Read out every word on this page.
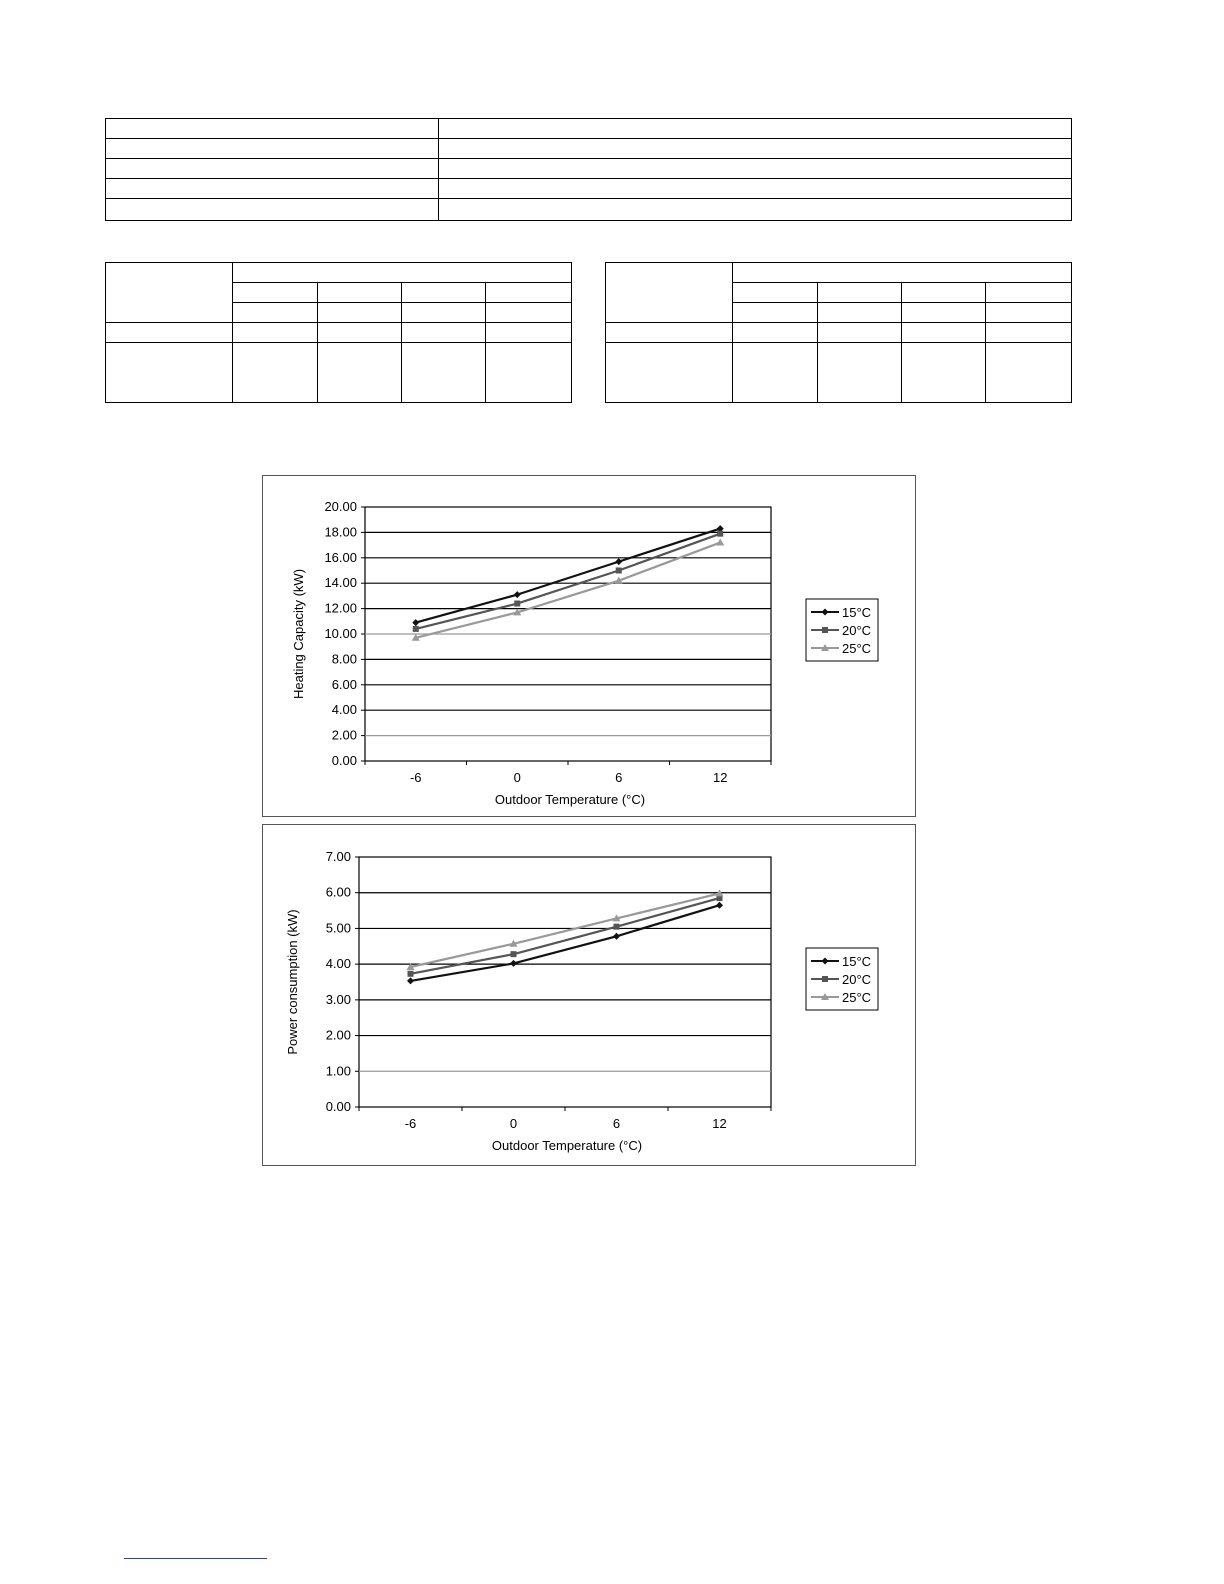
Heating Capacity (kW)
Outdoor Temperature (°C)
0.00
2.00
4.00
6.00
8.00
10.00
12.00
14.00
16.00
18.00
20.00
-6	0	6	12
15°C
20°C
25°C
Power consumption (kW)
Outdoor Temperature (°C)
0.00
1.00
2.00
3.00
4.00
5.00
6.00
7.00
-6	0	6	12
15°C
20°C
25°C
